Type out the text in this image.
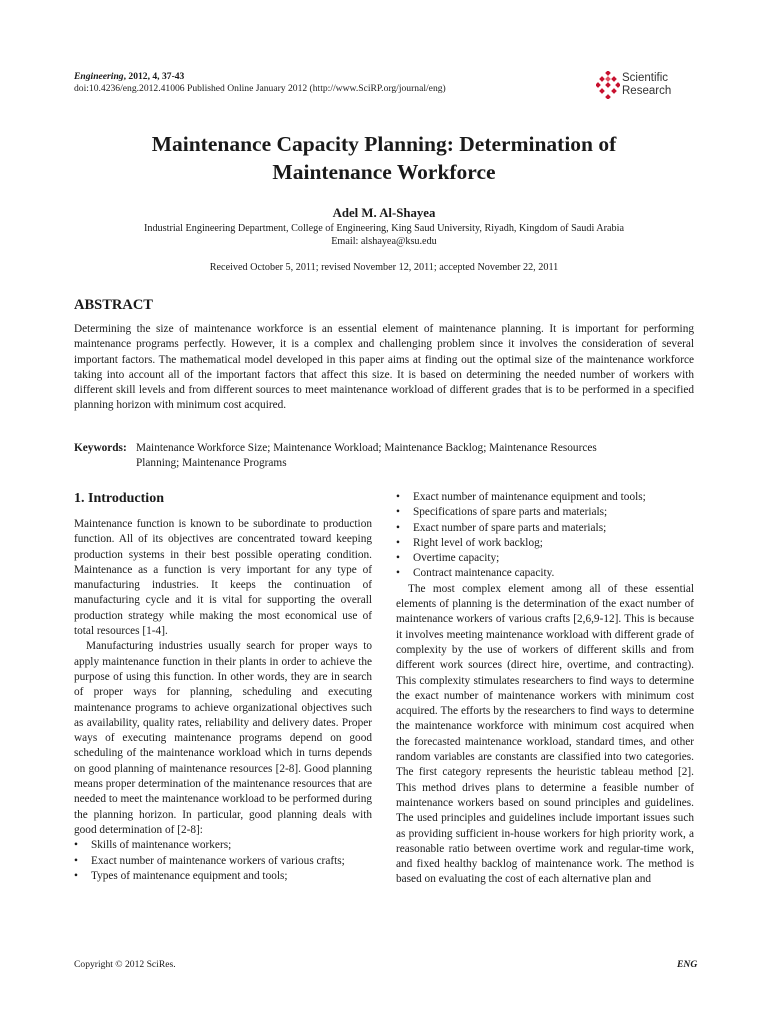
Engineering, 2012, 4, 37-43
doi:10.4236/eng.2012.41006 Published Online January 2012 (http://www.SciRP.org/journal/eng)
Scientific
Research
Maintenance Capacity Planning: Determination of
Maintenance Workforce
Adel M. Al-Shayea
Industrial Engineering Department, College of Engineering, King Saud University, Riyadh, Kingdom of Saudi Arabia
Email: alshayea@ksu.edu
Received October 5, 2011; revised November 12, 2011; accepted November 22, 2011
ABSTRACT

Determining the size of maintenance workforce is an essential element of maintenance planning. It is important for performing maintenance programs perfectly. However, it is a complex and challenging problem since it involves the consideration of several important factors. The mathematical model developed in this paper aims at finding out the optimal size of the maintenance workforce taking into account all of the important factors that affect this size. It is based on determining the needed number of workers with different skill levels and from different sources to meet maintenance workload of different grades that is to be performed in a specified planning horizon with minimum cost acquired.

Keywords: Maintenance Workforce Size; Maintenance Workload; Maintenance Backlog; Maintenance Resources
Planning; Maintenance Programs
1. Introduction

Maintenance function is known to be subordinate to production function. All of its objectives are concentrated toward keeping production systems in their best possible operating condition. Maintenance as a function is very important for any type of manufacturing industries. It keeps the continuation of manufacturing cycle and it is vital for supporting the overall production strategy while making the most economical use of total resources [1-4].

Manufacturing industries usually search for proper ways to apply maintenance function in their plants in order to achieve the purpose of using this function. In other words, they are in search of proper ways for planning, scheduling and executing maintenance programs to achieve organizational objectives such as availability, quality rates, reliability and delivery dates. Proper ways of executing maintenance programs depend on good scheduling of the maintenance workload which in turns depends on good planning of maintenance resources [2-8]. Good planning means proper determination of the maintenance resources that are needed to meet the maintenance workload to be performed during the planning horizon. In particular, good planning deals with good determination of [2-8]:

• Skills of maintenance workers;
• Exact number of maintenance workers of various crafts;
• Types of maintenance equipment and tools;
• Exact number of maintenance equipment and tools;
• Specifications of spare parts and materials;
• Exact number of spare parts and materials;
• Right level of work backlog;
• Overtime capacity;
• Contract maintenance capacity.

The most complex element among all of these essential elements of planning is the determination of the exact number of maintenance workers of various crafts [2,6,9-12]. This is because it involves meeting maintenance workload with different grade of complexity by the use of workers of different skills and from different work sources (direct hire, overtime, and contracting). This complexity stimulates researchers to find ways to determine the exact number of maintenance workers with minimum cost acquired. The efforts by the researchers to find ways to determine the maintenance workforce with minimum cost acquired when the forecasted maintenance workload, standard times, and other random variables are constants are classified into two categories. The first category represents the heuristic tableau method [2]. This method drives plans to determine a feasible number of maintenance workers based on sound principles and guidelines. The used principles and guidelines include important issues such as providing sufficient in-house workers for high priority work, a reasonable ratio between overtime work and regular-time work, and fixed healthy backlog of maintenance work. The method is based on evaluating the cost of each alternative plan and

Copyright © 2012 SciRes.	ENG
